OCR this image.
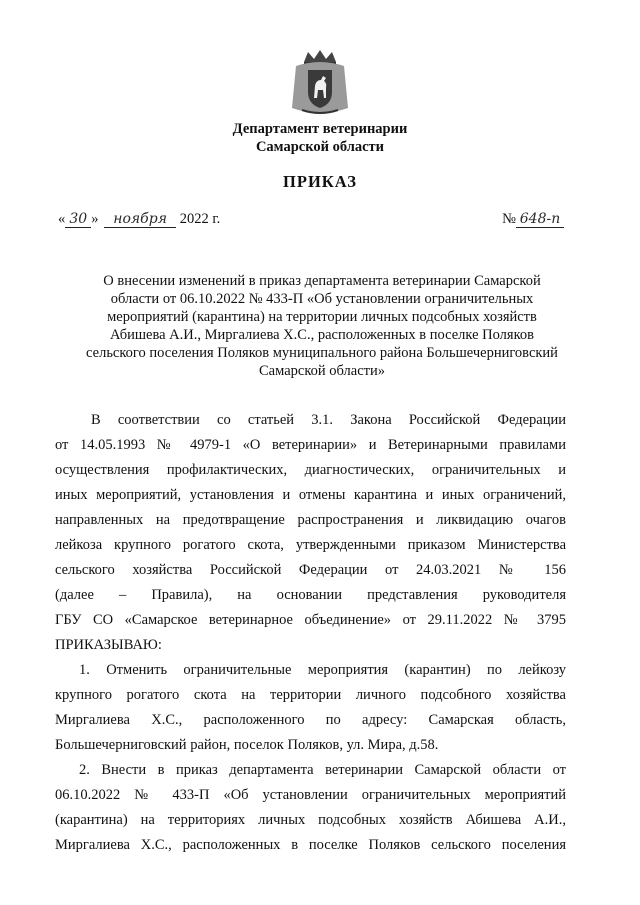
Департамент ветеринарии
Самарской области
ПРИКАЗ
« 30 » ноября 2022 г.	№ 648-п
О внесении изменений в приказ департамента ветеринарии Самарской
области от 06.10.2022 № 433-П «Об установлении ограничительных
мероприятий (карантина) на территории личных подсобных хозяйств
Абишева А.И., Миргалиева Х.С., расположенных в поселке Поляков
сельского поселения Поляков муниципального района Большечерниговский
Самарской области»
В соответствии со статьей 3.1. Закона Российской Федерации
от 14.05.1993 № 4979-1 «О ветеринарии» и Ветеринарными правилами
осуществления профилактических, диагностических, ограничительных и
иных мероприятий, установления и отмены карантина и иных ограничений,
направленных на предотвращение распространения и ликвидацию очагов
лейкоза крупного рогатого скота, утвержденными приказом Министерства
сельского хозяйства Российской Федерации от 24.03.2021 № 156
(далее – Правила), на основании представления руководителя
ГБУ СО «Самарское ветеринарное объединение» от 29.11.2022 № 3795
ПРИКАЗЫВАЮ:
1. Отменить ограничительные мероприятия (карантин) по лейкозу
крупного рогатого скота на территории личного подсобного хозяйства
Миргалиева Х.С., расположенного по адресу: Самарская область,
Большечерниговский район, поселок Поляков, ул. Мира, д.58.
2. Внести в приказ департамента ветеринарии Самарской области от
06.10.2022 № 433-П «Об установлении ограничительных мероприятий
(карантина) на территориях личных подсобных хозяйств Абишева А.И.,
Миргалиева Х.С., расположенных в поселке Поляков сельского поселения
